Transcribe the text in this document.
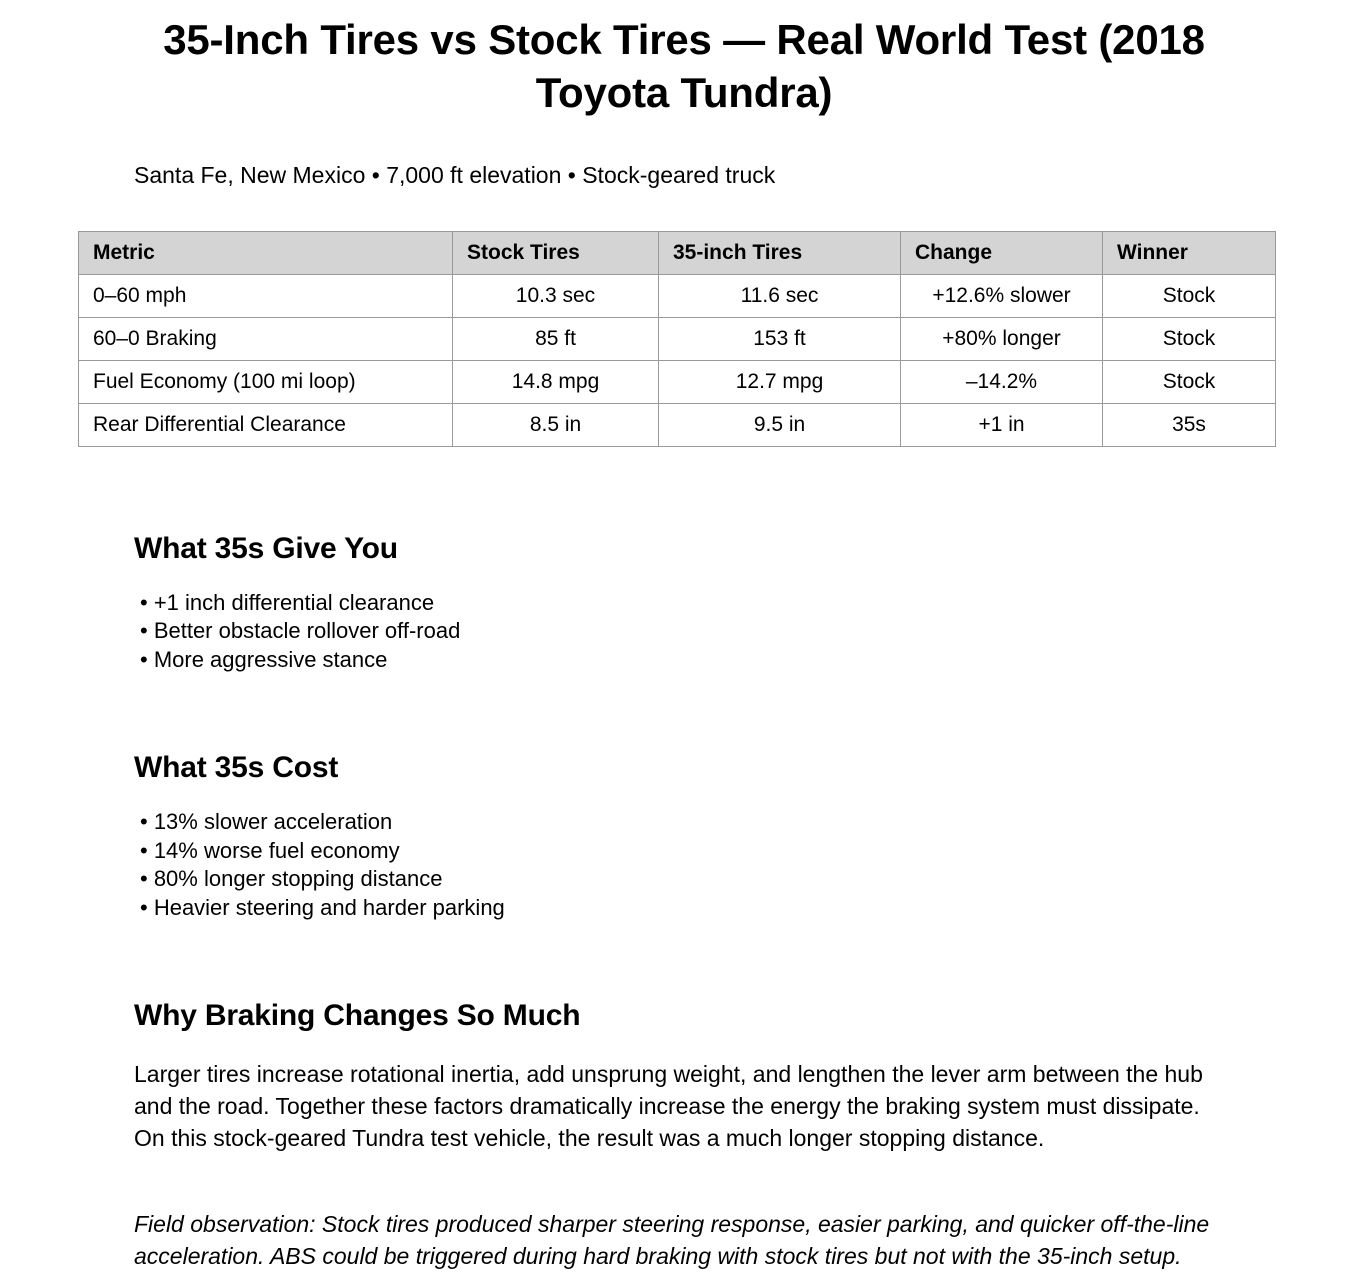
35-Inch Tires vs Stock Tires — Real World Test (2018 Toyota Tundra)
Santa Fe, New Mexico • 7,000 ft elevation • Stock-geared truck
Metric	Stock Tires	35-inch Tires	Change	Winner
0–60 mph	10.3 sec	11.6 sec	+12.6% slower	Stock
60–0 Braking	85 ft	153 ft	+80% longer	Stock
Fuel Economy (100 mi loop)	14.8 mpg	12.7 mpg	–14.2%	Stock
Rear Differential Clearance	8.5 in	9.5 in	+1 in	35s
What 35s Give You
• +1 inch differential clearance
• Better obstacle rollover off-road
• More aggressive stance
What 35s Cost
• 13% slower acceleration
• 14% worse fuel economy
• 80% longer stopping distance
• Heavier steering and harder parking
Why Braking Changes So Much

Larger tires increase rotational inertia, add unsprung weight, and lengthen the lever arm between the hub and the road. Together these factors dramatically increase the energy the braking system must dissipate. On this stock-geared Tundra test vehicle, the result was a much longer stopping distance.

Field observation: Stock tires produced sharper steering response, easier parking, and quicker off-the-line acceleration. ABS could be triggered during hard braking with stock tires but not with the 35-inch setup.
